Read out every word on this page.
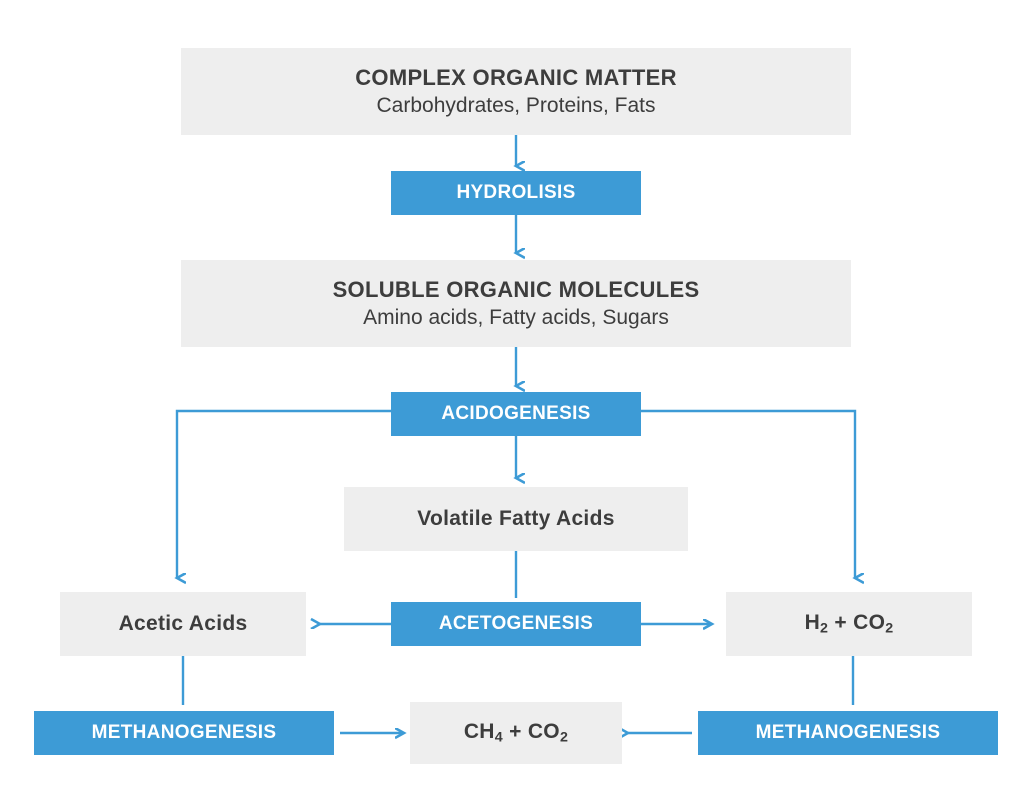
COMPLEX ORGANIC MATTER
Carbohydrates, Proteins, Fats
HYDROLISIS
SOLUBLE ORGANIC MOLECULES
Amino acids, Fatty acids, Sugars
ACIDOGENESIS
Volatile Fatty Acids
Acetic Acids	ACETOGENESIS	$H_2 + CO_2$
METHANOGENESIS	$CH_4 + CO_2$	METHANOGENESIS
